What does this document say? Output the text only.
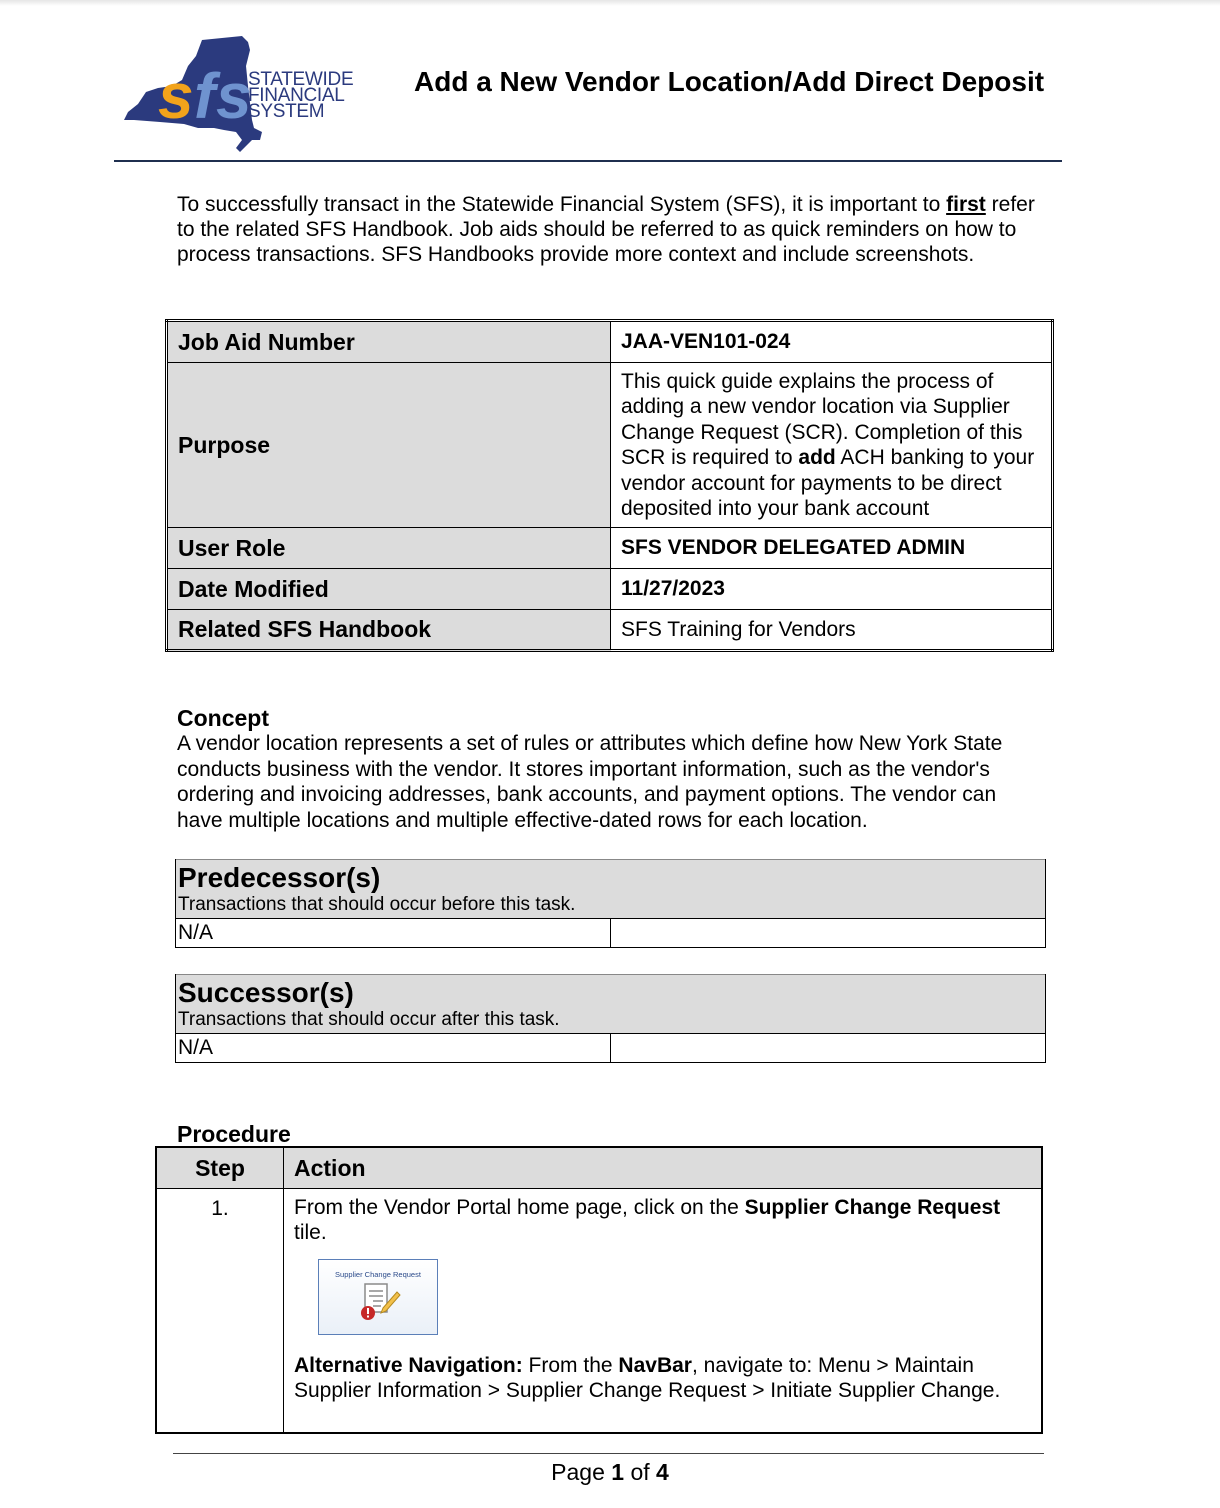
s f s
STATEWIDE
FINANCIAL
SYSTEM
Add a New Vendor Location/Add Direct Deposit
To successfully transact in the Statewide Financial System (SFS), it is important to first refer to the related SFS Handbook. Job aids should be referred to as quick reminders on how to process transactions. SFS Handbooks provide more context and include screenshots.
Job Aid Number	JAA-VEN101-024
Purpose	This quick guide explains the process of adding a new vendor location via Supplier Change Request (SCR). Completion of this SCR is required to add ACH banking to your vendor account for payments to be direct deposited into your bank account
User Role	SFS VENDOR DELEGATED ADMIN
Date Modified	11/27/2023
Related SFS Handbook	SFS Training for Vendors
Concept
A vendor location represents a set of rules or attributes which define how New York State conducts business with the vendor. It stores important information, such as the vendor's ordering and invoicing addresses, bank accounts, and payment options. The vendor can have multiple locations and multiple effective-dated rows for each location.
Predecessor(s)
Transactions that should occur before this task.
N/A
Successor(s)
Transactions that should occur after this task.
N/A
Procedure
Step	Action
1.	From the Vendor Portal home page, click on the Supplier Change Request tile.
Supplier Change Request
Alternative Navigation: From the NavBar, navigate to: Menu > Maintain Supplier Information > Supplier Change Request > Initiate Supplier Change.
Page 1 of 4
